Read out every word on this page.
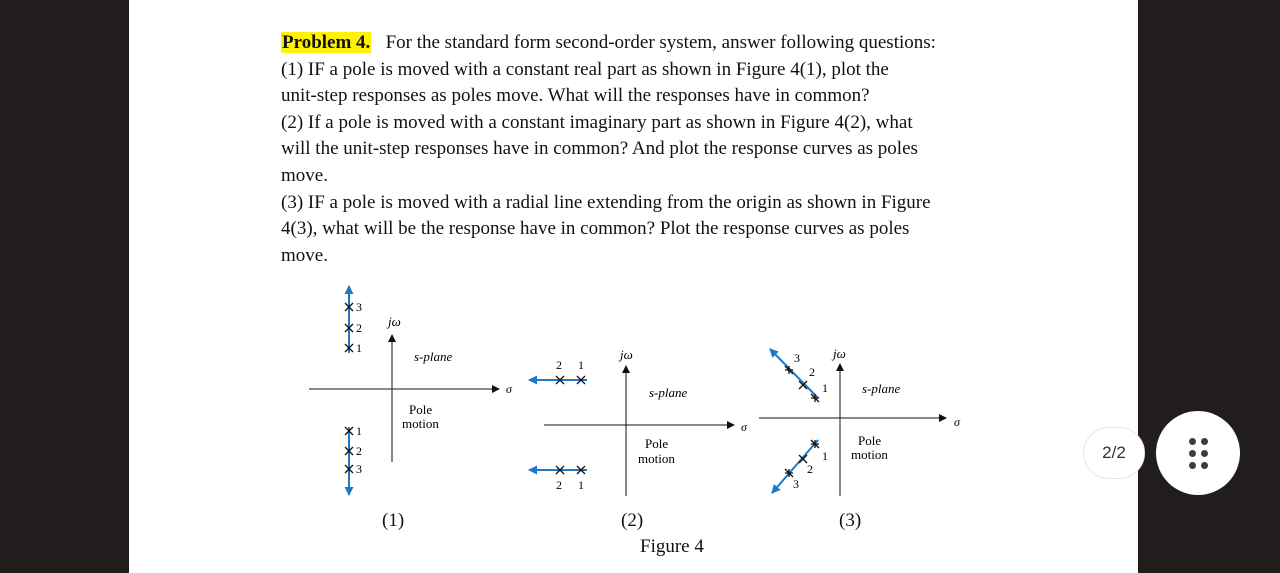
Problem 4. For the standard form second-order system, answer following questions:

(1) IF a pole is moved with a constant real part as shown in Figure 4(1), plot the

unit-step responses as poles move. What will the responses have in common?

(2) If a pole is moved with a constant imaginary part as shown in Figure 4(2), what

will the unit-step responses have in common? And plot the response curves as poles

move.

(3) IF a pole is moved with a radial line extending from the origin as shown in Figure

4(3), what will be the response have in common? Plot the response curves as poles

move.

σ
jω
s-plane
Pole
motion
3
2
1
1
2
3
σ
jω
s-plane
Pole
motion
2 1
2 1
σ
jω
s-plane
Pole
motion
1
2
3
1
2
3
(1)	(2)	(3)
Figure 4
2/2
